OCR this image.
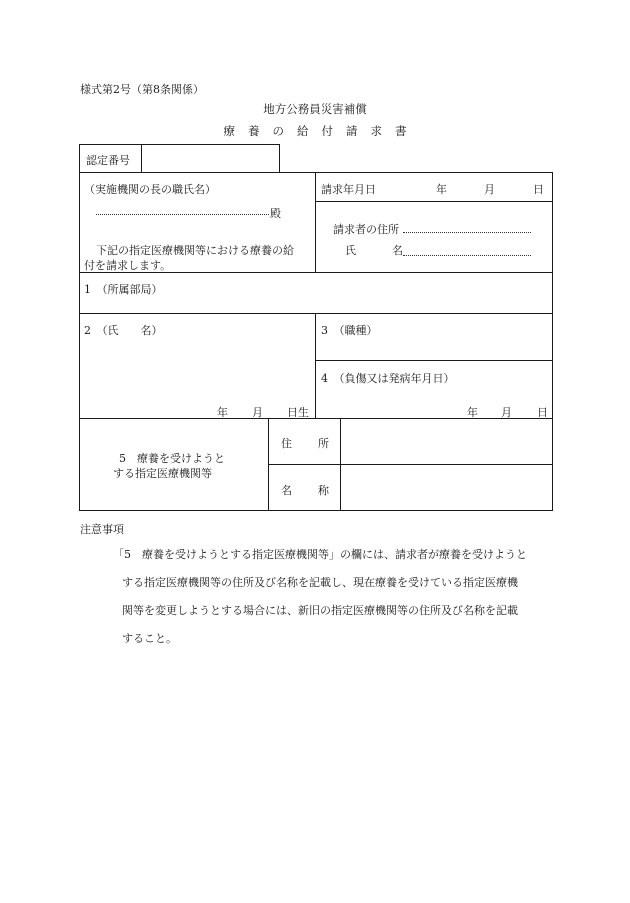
様式第2号（第8条関係）
地方公務員災害補償
療養の給付請求書
認定番号
（実施機関の長の職氏名）
殿
下記の指定医療機関等における療養の給
付を請求します。
請求年月日	年	月	日
請求者の住所
氏	名
1　（所属部局）
2　（氏　　名）
年 月 日生
3　（職種）
4　（負傷又は発病年月日）
年 月 日
5　療養を受けようと
する指定医療機関等
住 所
名 称
注意事項
「5　療養を受けようとする指定医療機関等」の欄には、請求者が療養を受けようと
する指定医療機関等の住所及び名称を記載し、現在療養を受けている指定医療機
関等を変更しようとする場合には、新旧の指定医療機関等の住所及び名称を記載
すること。
